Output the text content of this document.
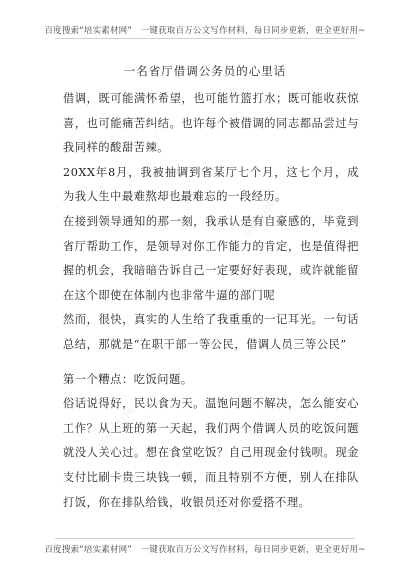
百度搜索“培实素材网”　一键获取百万公文写作材料，每日同步更新，更全更好用~
培实素材网
培实素材网
一名省厅借调公务员的心里话

借调，既可能满怀希望，也可能竹篮打水；既可能收获惊喜，也可能痛苦纠结。也许每个被借调的同志都品尝过与我同样的酸甜苦辣。

20XX年8月，我被抽调到省某厅七个月，这七个月，成为我人生中最难熬却也最难忘的一段经历。

在接到领导通知的那一刻，我承认是有自豪感的，毕竟到省厅帮助工作，是领导对你工作能力的肯定，也是值得把握的机会，我暗暗告诉自己一定要好好表现，或许就能留在这个即使在体制内也非常牛逼的部门呢

然而，很快，真实的人生给了我重重的一记耳光。一句话总结，那就是“在职干部一等公民，借调人员三等公民”

第一个糟点：吃饭问题。

俗话说得好，民以食为天。温饱问题不解决，怎么能安心工作？从上班的第一天起，我们两个借调人员的吃饭问题就没人关心过。想在食堂吃饭？自己用现金付钱呗。现金支付比刷卡贵三块钱一顿，而且特别不方便，别人在排队打饭，你在排队给钱，收银员还对你爱搭不理。

百度搜索“培实素材网”　一键获取百万公文写作材料，每日同步更新，更全更好用~
